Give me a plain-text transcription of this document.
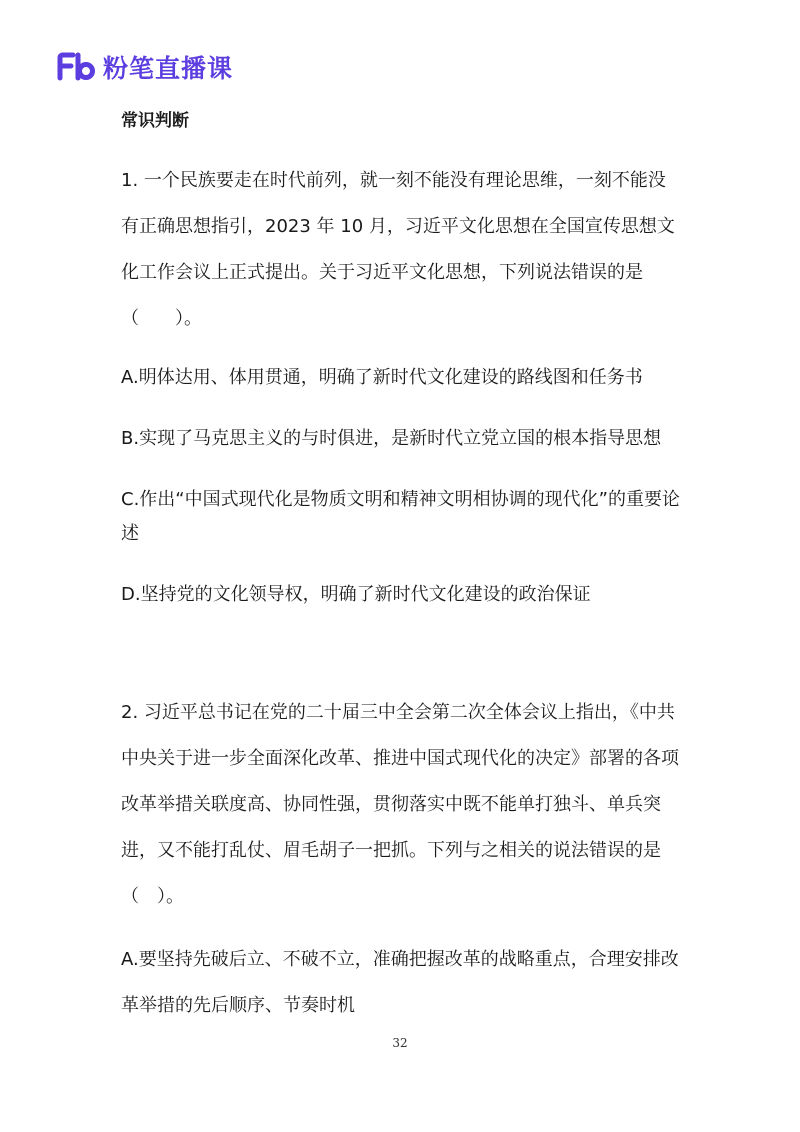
粉笔直播课
常识判断

1. 一个民族要走在时代前列，就一刻不能没有理论思维，一刻不能没有正确思想指引，2023 年 10 月，习近平文化思想在全国宣传思想文化工作会议上正式提出。关于习近平文化思想，下列说法错误的是（　　）。

A.明体达用、体用贯通，明确了新时代文化建设的路线图和任务书

B.实现了马克思主义的与时俱进，是新时代立党立国的根本指导思想

C.作出“中国式现代化是物质文明和精神文明相协调的现代化”的重要论述

D.坚持党的文化领导权，明确了新时代文化建设的政治保证

2. 习近平总书记在党的二十届三中全会第二次全体会议上指出，《中共中央关于进一步全面深化改革、推进中国式现代化的决定》部署的各项改革举措关联度高、协同性强，贯彻落实中既不能单打独斗、单兵突进，又不能打乱仗、眉毛胡子一把抓。下列与之相关的说法错误的是（　）。

A.要坚持先破后立、不破不立，准确把握改革的战略重点，合理安排改革举措的先后顺序、节奏时机

32
